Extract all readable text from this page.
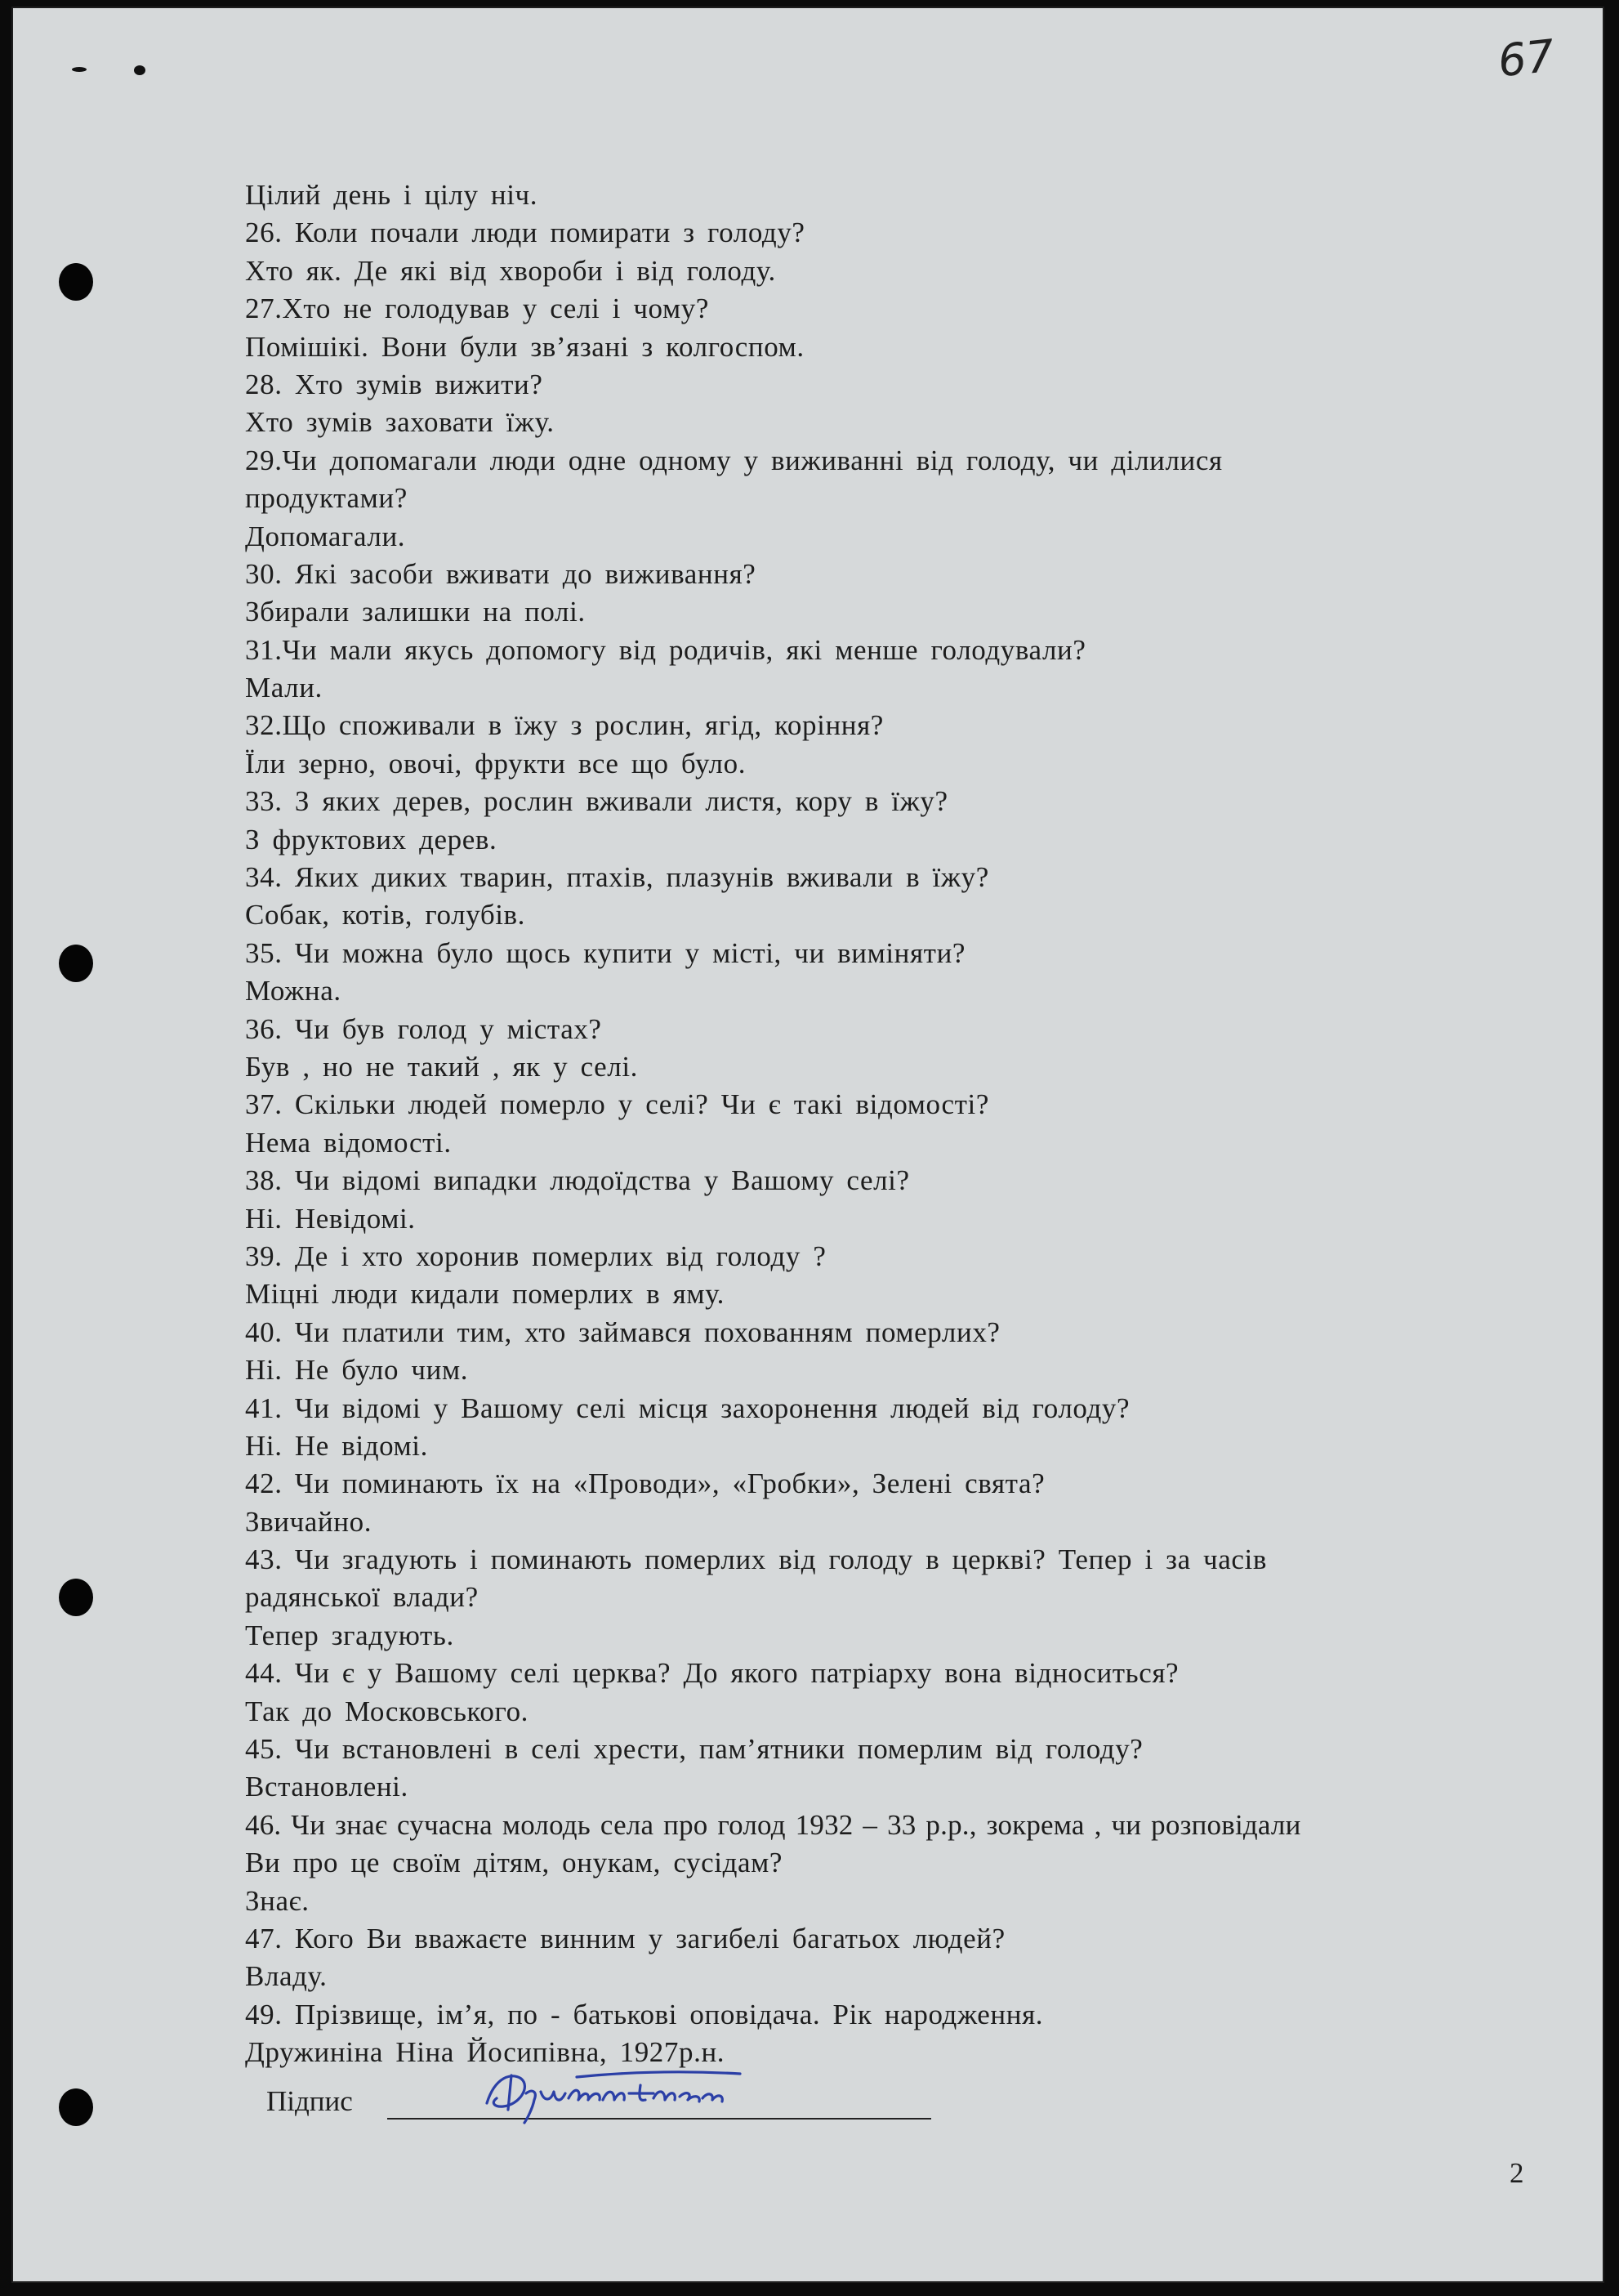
67
Цілий день і цілу ніч.
26. Коли почали люди помирати з голоду?
Хто як. Де які від хвороби і від голоду.
27.Хто не голодував у селі і чому?
Помішікі. Вони були зв’язані з колгоспом.
28. Хто зумів вижити?
Хто зумів заховати їжу.
29.Чи допомагали люди одне одному у виживанні від голоду, чи ділилися
продуктами?
Допомагали.
30. Які засоби вживати до виживання?
Збирали залишки на полі.
31.Чи мали якусь допомогу від родичів, які менше голодували?
Мали.
32.Що споживали в їжу з рослин, ягід, коріння?
Їли зерно, овочі, фрукти все що було.
33. З яких дерев, рослин вживали листя, кору в їжу?
З фруктових дерев.
34. Яких диких тварин, птахів, плазунів вживали в їжу?
Собак, котів, голубів.
35. Чи можна було щось купити у місті, чи виміняти?
Можна.
36. Чи був голод у містах?
Був , но не такий , як у селі.
37. Скільки людей померло у селі? Чи є такі відомості?
Нема відомості.
38. Чи відомі випадки людоїдства у Вашому селі?
Ні. Невідомі.
39. Де і хто хоронив померлих від голоду ?
Міцні люди кидали померлих в яму.
40. Чи платили тим, хто займався похованням померлих?
Ні. Не було чим.
41. Чи відомі у Вашому селі місця захоронення людей від голоду?
Ні. Не відомі.
42. Чи поминають їх на «Проводи», «Гробки», Зелені свята?
Звичайно.
43. Чи згадують і поминають померлих від голоду в церкві? Тепер і за часів
радянської влади?
Тепер згадують.
44. Чи є у Вашому селі церква? До якого патріарху вона відноситься?
Так до Московського.
45. Чи встановлені в селі хрести, пам’ятники померлим від голоду?
Встановлені.
46. Чи знає сучасна молодь села про голод 1932 – 33 р.р., зокрема , чи розповідали
Ви про це своїм дітям, онукам, сусідам?
Знає.
47. Кого Ви вважаєте винним у загибелі багатьох людей?
Владу.
49. Прізвище, ім’я, по - батькові оповідача. Рік народження.
Дружиніна Ніна Йосипівна, 1927р.н.
Підпис
2
